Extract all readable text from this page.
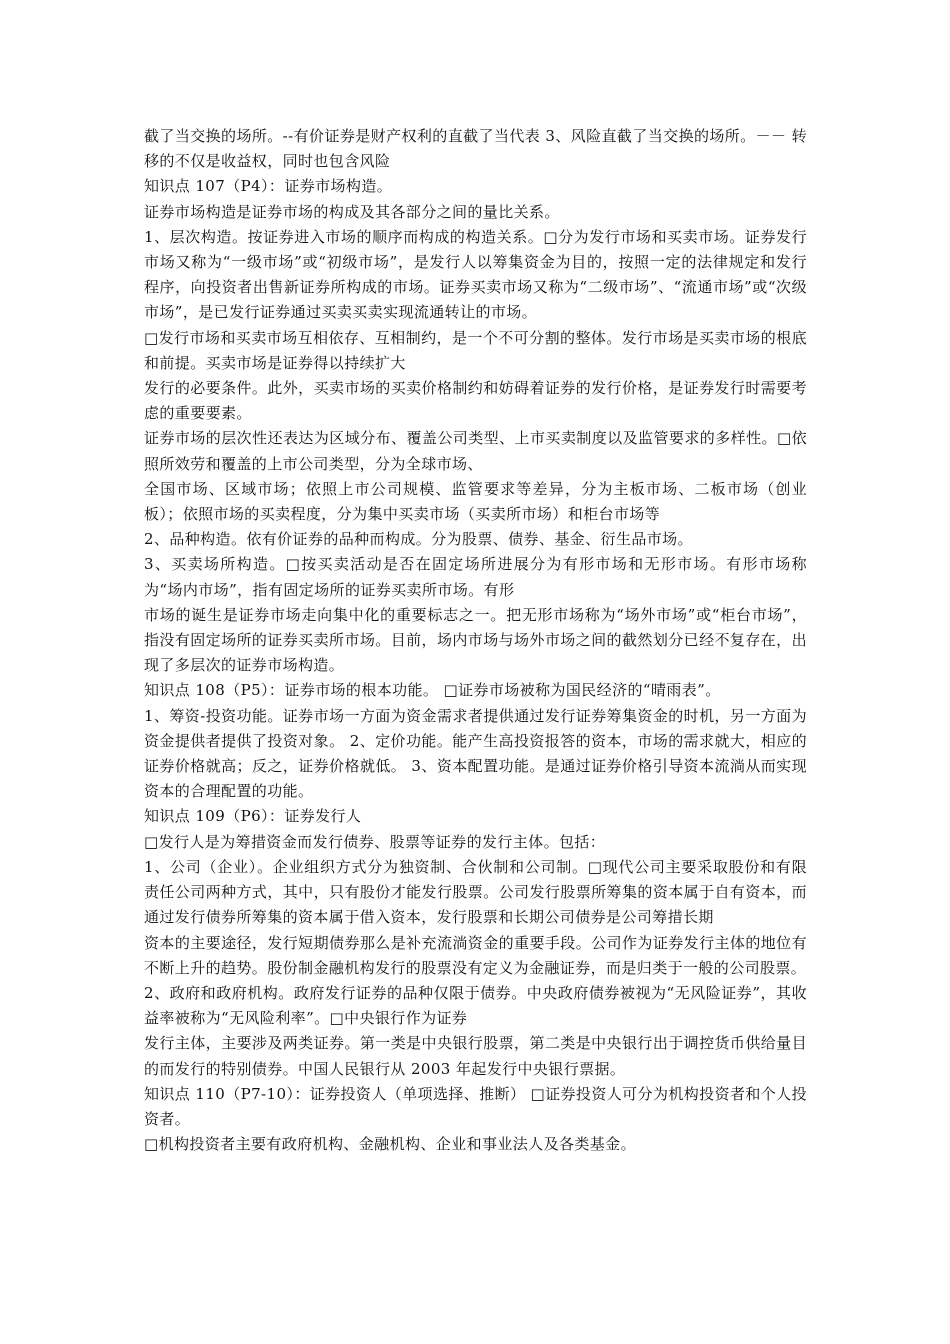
截了当交换的场所。--有价证券是财产权利的直截了当代表 3、风险直截了当交换的场所。－－ 转移的不仅是收益权，同时也包含风险

知识点 107（P4）：证券市场构造。

证券市场构造是证券市场的构成及其各部分之间的量比关系。

1、层次构造。按证券进入市场的顺序而构成的构造关系。□分为发行市场和买卖市场。证券发行市场又称为“一级市场”或“初级市场”，是发行人以筹集资金为目的，按照一定的法律规定和发行程序，向投资者出售新证券所构成的市场。证券买卖市场又称为“二级市场”、“流通市场”或“次级市场”，是已发行证券通过买卖买卖实现流通转让的市场。

□发行市场和买卖市场互相依存、互相制约，是一个不可分割的整体。发行市场是买卖市场的根底和前提。买卖市场是证券得以持续扩大

发行的必要条件。此外，买卖市场的买卖价格制约和妨碍着证券的发行价格，是证券发行时需要考虑的重要要素。

证券市场的层次性还表达为区域分布、覆盖公司类型、上市买卖制度以及监管要求的多样性。□依照所效劳和覆盖的上市公司类型，分为全球市场、

全国市场、区域市场；依照上市公司规模、监管要求等差异，分为主板市场、二板市场（创业板）；依照市场的买卖程度，分为集中买卖市场（买卖所市场）和柜台市场等

2、品种构造。依有价证券的品种而构成。分为股票、债券、基金、衍生品市场。

3、买卖场所构造。□按买卖活动是否在固定场所进展分为有形市场和无形市场。有形市场称为“场内市场”，指有固定场所的证券买卖所市场。有形

市场的诞生是证券市场走向集中化的重要标志之一。把无形市场称为“场外市场”或“柜台市场”，指没有固定场所的证券买卖所市场。目前，场内市场与场外市场之间的截然划分已经不复存在，出现了多层次的证券市场构造。

知识点 108（P5）：证券市场的根本功能。 □证券市场被称为国民经济的“晴雨表”。

1、筹资-投资功能。证券市场一方面为资金需求者提供通过发行证券筹集资金的时机，另一方面为资金提供者提供了投资对象。 2、定价功能。能产生高投资报答的资本，市场的需求就大，相应的证券价格就高；反之，证券价格就低。 3、资本配置功能。是通过证券价格引导资本流淌从而实现资本的合理配置的功能。

知识点 109（P6）：证券发行人

□发行人是为筹措资金而发行债券、股票等证券的发行主体。包括：

1、公司（企业）。企业组织方式分为独资制、合伙制和公司制。□现代公司主要采取股份和有限责任公司两种方式，其中，只有股份才能发行股票。公司发行股票所筹集的资本属于自有资本，而通过发行债券所筹集的资本属于借入资本，发行股票和长期公司债券是公司筹措长期

资本的主要途径，发行短期债券那么是补充流淌资金的重要手段。公司作为证券发行主体的地位有不断上升的趋势。股份制金融机构发行的股票没有定义为金融证券，而是归类于一般的公司股票。

2、政府和政府机构。政府发行证券的品种仅限于债券。中央政府债券被视为“无风险证券”，其收益率被称为“无风险利率”。□中央银行作为证券

发行主体，主要涉及两类证券。第一类是中央银行股票，第二类是中央银行出于调控货币供给量目的而发行的特别债券。中国人民银行从 2003 年起发行中央银行票据。

知识点 110（P7-10）：证券投资人（单项选择、推断） □证券投资人可分为机构投资者和个人投资者。

□机构投资者主要有政府机构、金融机构、企业和事业法人及各类基金。
